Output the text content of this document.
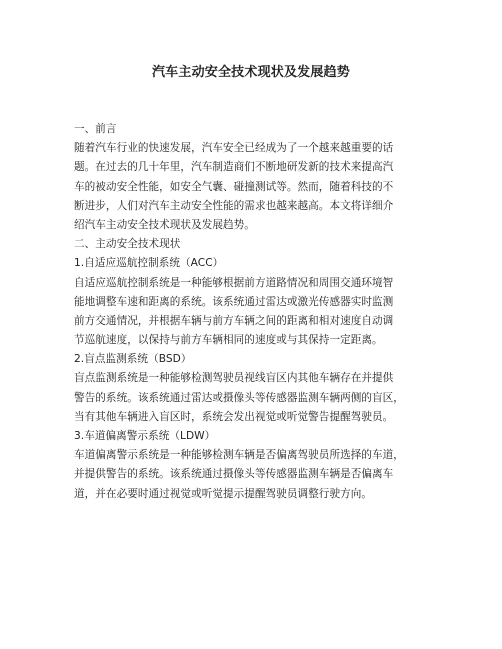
汽车主动安全技术现状及发展趋势
一、前言
随着汽车行业的快速发展，汽车安全已经成为了一个越来越重要的话
题。在过去的几十年里，汽车制造商们不断地研发新的技术来提高汽
车的被动安全性能，如安全气囊、碰撞测试等。然而，随着科技的不
断进步，人们对汽车主动安全性能的需求也越来越高。本文将详细介
绍汽车主动安全技术现状及发展趋势。
二、主动安全技术现状
1.自适应巡航控制系统（ACC）
自适应巡航控制系统是一种能够根据前方道路情况和周围交通环境智
能地调整车速和距离的系统。该系统通过雷达或激光传感器实时监测
前方交通情况，并根据车辆与前方车辆之间的距离和相对速度自动调
节巡航速度，以保持与前方车辆相同的速度或与其保持一定距离。
2.盲点监测系统（BSD）
盲点监测系统是一种能够检测驾驶员视线盲区内其他车辆存在并提供
警告的系统。该系统通过雷达或摄像头等传感器监测车辆两侧的盲区，
当有其他车辆进入盲区时，系统会发出视觉或听觉警告提醒驾驶员。
3.车道偏离警示系统（LDW）
车道偏离警示系统是一种能够检测车辆是否偏离驾驶员所选择的车道，
并提供警告的系统。该系统通过摄像头等传感器监测车辆是否偏离车
道，并在必要时通过视觉或听觉提示提醒驾驶员调整行驶方向。
